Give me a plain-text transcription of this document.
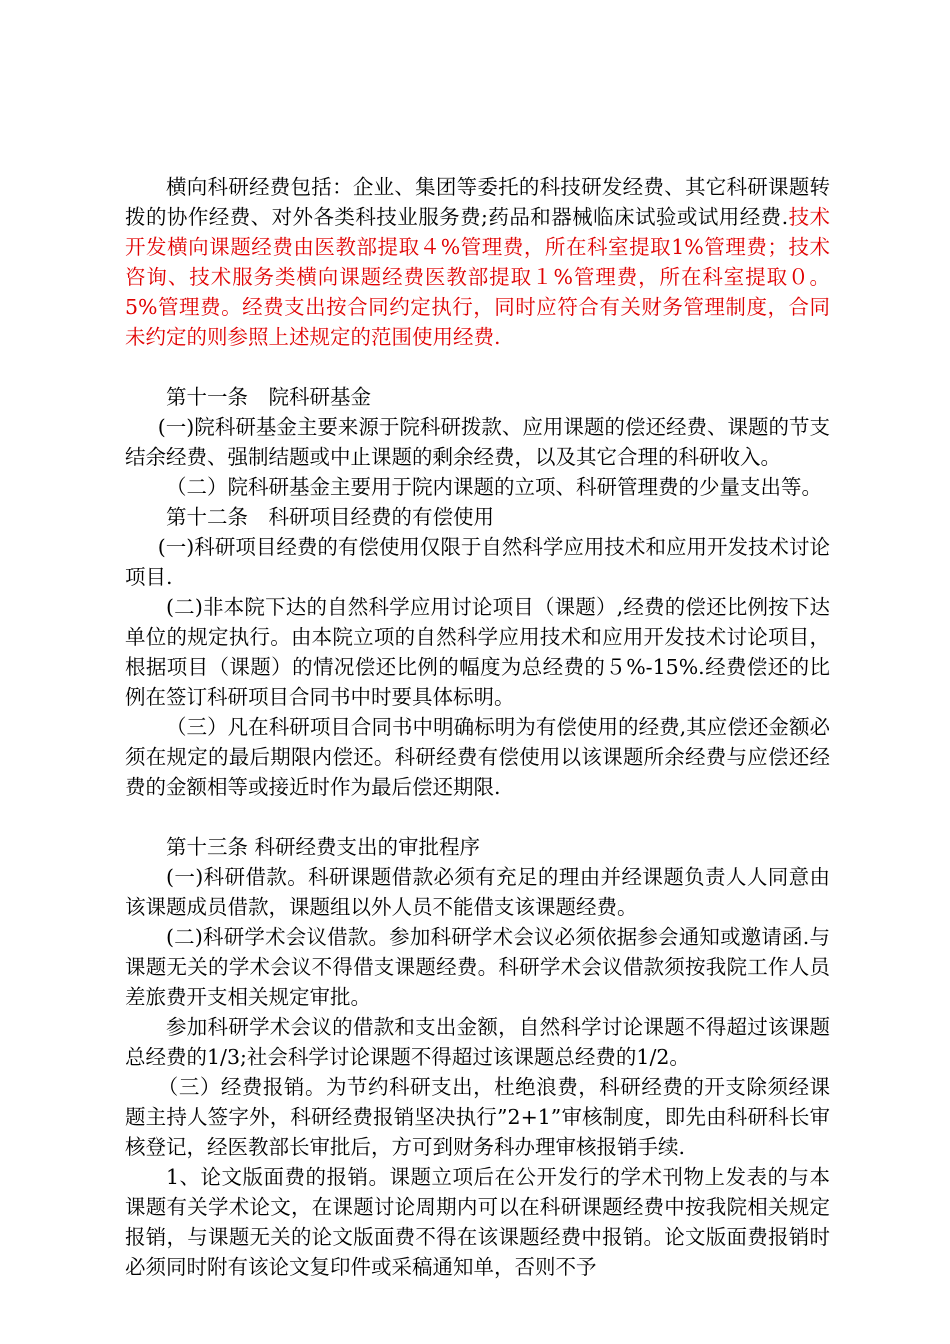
横向科研经费包括：企业、集团等委托的科技研发经费、其它科研课题转拨的协作经费、对外各类科技业服务费;药品和器械临床试验或试用经费.技术开发横向课题经费由医教部提取４%管理费，所在科室提取1%管理费；技术咨询、技术服务类横向课题经费医教部提取１%管理费，所在科室提取０。5%管理费。经费支出按合同约定执行，同时应符合有关财务管理制度，合同未约定的则参照上述规定的范围使用经费.

第十一条　院科研基金

(一)院科研基金主要来源于院科研拨款、应用课题的偿还经费、课题的节支结余经费、强制结题或中止课题的剩余经费，以及其它合理的科研收入。

（二）院科研基金主要用于院内课题的立项、科研管理费的少量支出等。

第十二条　科研项目经费的有偿使用

(一)科研项目经费的有偿使用仅限于自然科学应用技术和应用开发技术讨论项目.

(二)非本院下达的自然科学应用讨论项目（课题）,经费的偿还比例按下达单位的规定执行。由本院立项的自然科学应用技术和应用开发技术讨论项目，根据项目（课题）的情况偿还比例的幅度为总经费的５%-15%.经费偿还的比例在签订科研项目合同书中时要具体标明。

（三）凡在科研项目合同书中明确标明为有偿使用的经费,其应偿还金额必须在规定的最后期限内偿还。科研经费有偿使用以该课题所余经费与应偿还经费的金额相等或接近时作为最后偿还期限.

第十三条 科研经费支出的审批程序

(一)科研借款。科研课题借款必须有充足的理由并经课题负责人人同意由该课题成员借款，课题组以外人员不能借支该课题经费。

(二)科研学术会议借款。参加科研学术会议必须依据参会通知或邀请函.与课题无关的学术会议不得借支课题经费。科研学术会议借款须按我院工作人员差旅费开支相关规定审批。

参加科研学术会议的借款和支出金额，自然科学讨论课题不得超过该课题总经费的1/3;社会科学讨论课题不得超过该课题总经费的1/2。

（三）经费报销。为节约科研支出，杜绝浪费，科研经费的开支除须经课题主持人签字外，科研经费报销坚决执行”2+1”审核制度，即先由科研科长审核登记，经医教部长审批后，方可到财务科办理审核报销手续.

1、论文版面费的报销。课题立项后在公开发行的学术刊物上发表的与本课题有关学术论文，在课题讨论周期内可以在科研课题经费中按我院相关规定报销，与课题无关的论文版面费不得在该课题经费中报销。论文版面费报销时必须同时附有该论文复印件或采稿通知单，否则不予
